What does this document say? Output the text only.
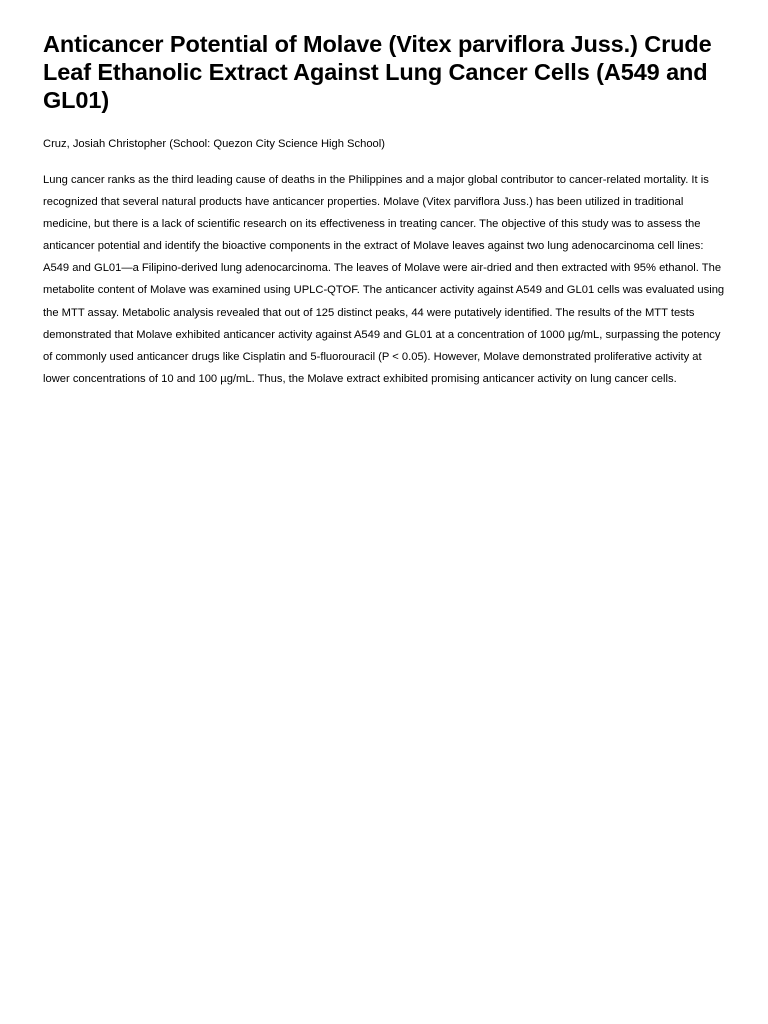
Anticancer Potential of Molave (Vitex parviflora Juss.) Crude Leaf Ethanolic Extract Against Lung Cancer Cells (A549 and GL01)

Cruz, Josiah Christopher (School: Quezon City Science High School)

Lung cancer ranks as the third leading cause of deaths in the Philippines and a major global contributor to cancer-related mortality. It is recognized that several natural products have anticancer properties. Molave (Vitex parviflora Juss.) has been utilized in traditional medicine, but there is a lack of scientific research on its effectiveness in treating cancer. The objective of this study was to assess the anticancer potential and identify the bioactive components in the extract of Molave leaves against two lung adenocarcinoma cell lines: A549 and GL01—a Filipino-derived lung adenocarcinoma. The leaves of Molave were air-dried and then extracted with 95% ethanol. The metabolite content of Molave was examined using UPLC-QTOF. The anticancer activity against A549 and GL01 cells was evaluated using the MTT assay. Metabolic analysis revealed that out of 125 distinct peaks, 44 were putatively identified. The results of the MTT tests demonstrated that Molave exhibited anticancer activity against A549 and GL01 at a concentration of 1000 µg/mL, surpassing the potency of commonly used anticancer drugs like Cisplatin and 5-fluorouracil (P < 0.05). However, Molave demonstrated proliferative activity at lower concentrations of 10 and 100 µg/mL. Thus, the Molave extract exhibited promising anticancer activity on lung cancer cells.
